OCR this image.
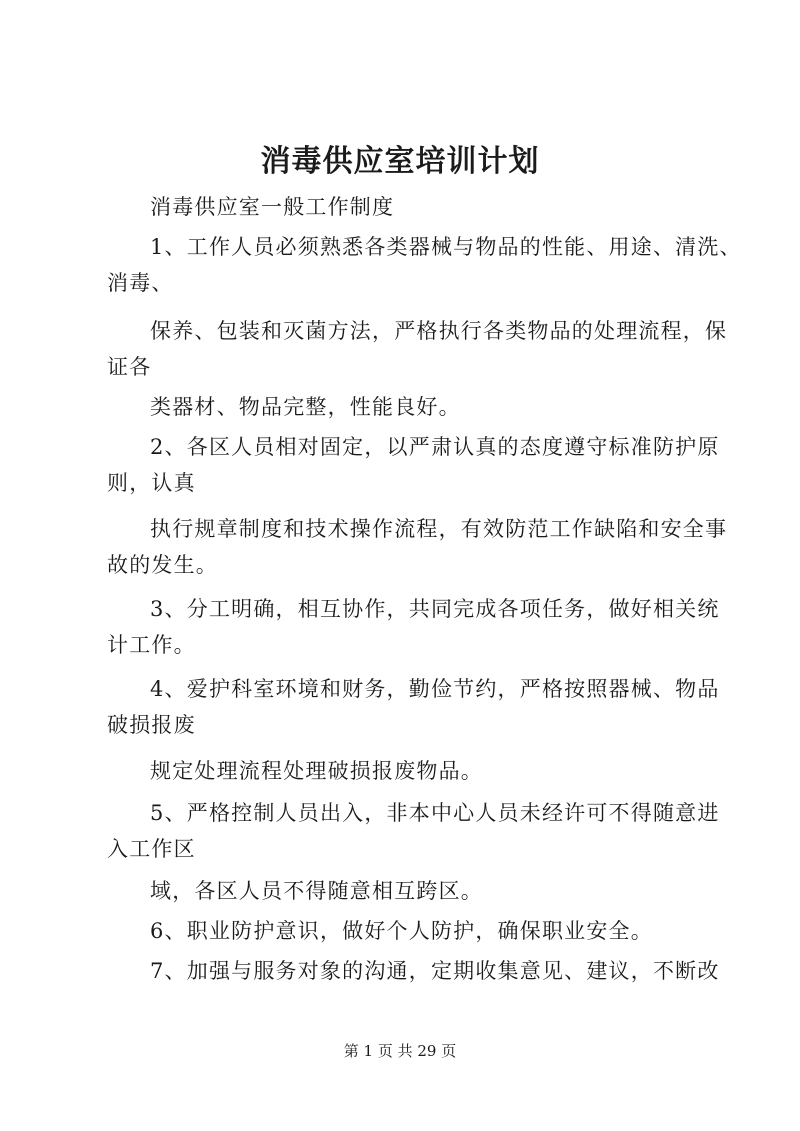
消毒供应室培训计划
消毒供应室一般工作制度
1、工作人员必须熟悉各类器械与物品的性能、用途、清洗、
消毒、
保养、包装和灭菌方法，严格执行各类物品的处理流程，保
证各
类器材、物品完整，性能良好。
2、各区人员相对固定，以严肃认真的态度遵守标准防护原
则，认真
执行规章制度和技术操作流程，有效防范工作缺陷和安全事
故的发生。
3、分工明确，相互协作，共同完成各项任务，做好相关统
计工作。
4、爱护科室环境和财务，勤俭节约，严格按照器械、物品
破损报废
规定处理流程处理破损报废物品。
5、严格控制人员出入，非本中心人员未经许可不得随意进
入工作区
域，各区人员不得随意相互跨区。
6、职业防护意识，做好个人防护，确保职业安全。
7、加强与服务对象的沟通，定期收集意见、建议，不断改
第 1 页 共 29 页
